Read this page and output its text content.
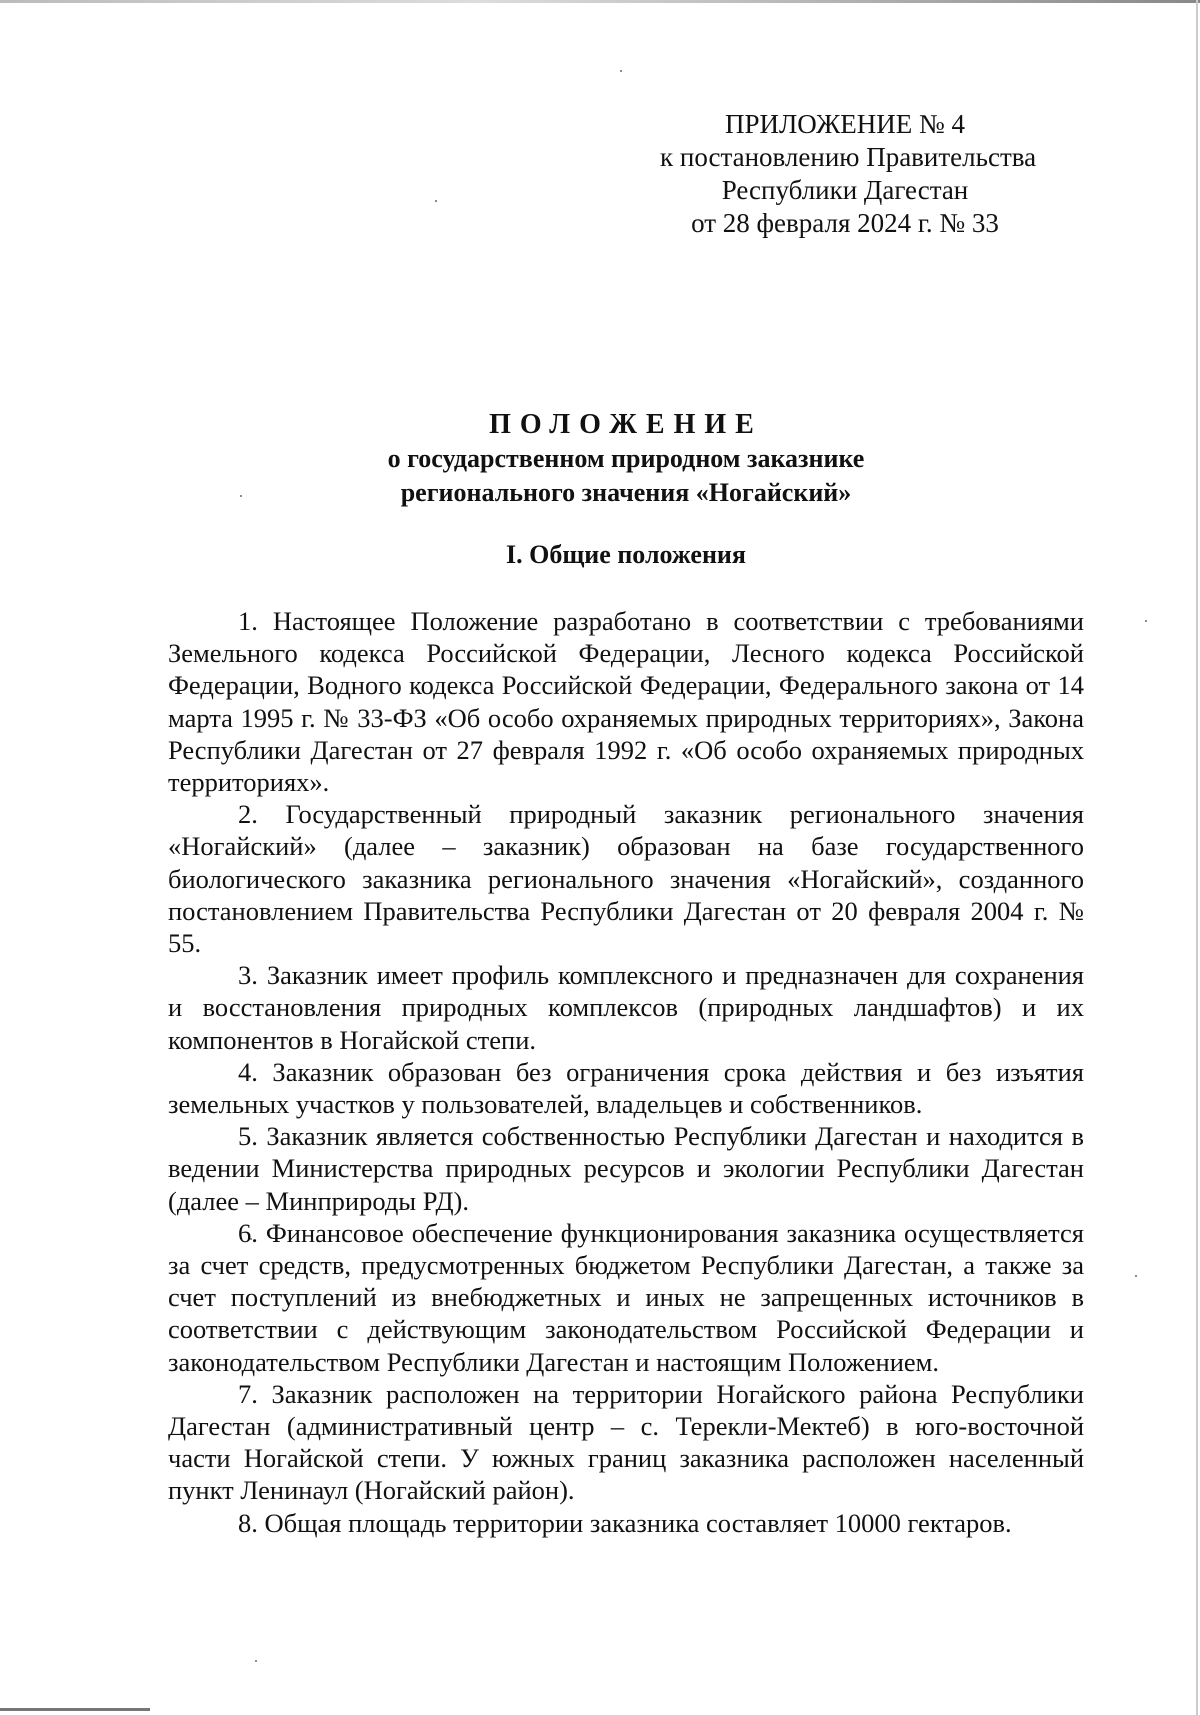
ПРИЛОЖЕНИЕ № 4
к постановлению Правительства
Республики Дагестан
от 28 февраля 2024 г. № 33
ПОЛОЖЕНИЕ
о государственном природном заказнике
регионального значения «Ногайский»
I. Общие положения

1. Настоящее Положение разработано в соответствии с требованиями Земельного кодекса Российской Федерации, Лесного кодекса Российской Федерации, Водного кодекса Российской Федерации, Федерального закона от 14 марта 1995 г. № 33-ФЗ «Об особо охраняемых природных территориях», Закона Республики Дагестан от 27 февраля 1992 г. «Об особо охраняемых природных территориях».

2. Государственный природный заказник регионального значения «Ногайский» (далее – заказник) образован на базе государственного биологического заказника регионального значения «Ногайский», созданного постановлением Правительства Республики Дагестан от 20 февраля 2004 г. № 55.

3. Заказник имеет профиль комплексного и предназначен для сохранения и восстановления природных комплексов (природных ландшафтов) и их компонентов в Ногайской степи.

4. Заказник образован без ограничения срока действия и без изъятия земельных участков у пользователей, владельцев и собственников.

5. Заказник является собственностью Республики Дагестан и находится в ведении Министерства природных ресурсов и экологии Республики Дагестан (далее – Минприроды РД).

6. Финансовое обеспечение функционирования заказника осуществляется за счет средств, предусмотренных бюджетом Республики Дагестан, а также за счет поступлений из внебюджетных и иных не запрещенных источников в соответствии с действующим законодательством Российской Федерации и законодательством Республики Дагестан и настоящим Положением.

7. Заказник расположен на территории Ногайского района Республики Дагестан (административный центр – с. Терекли-Мектеб) в юго-восточной части Ногайской степи. У южных границ заказника расположен населенный пункт Ленинаул (Ногайский район).

8. Общая площадь территории заказника составляет 10000 гектаров.
